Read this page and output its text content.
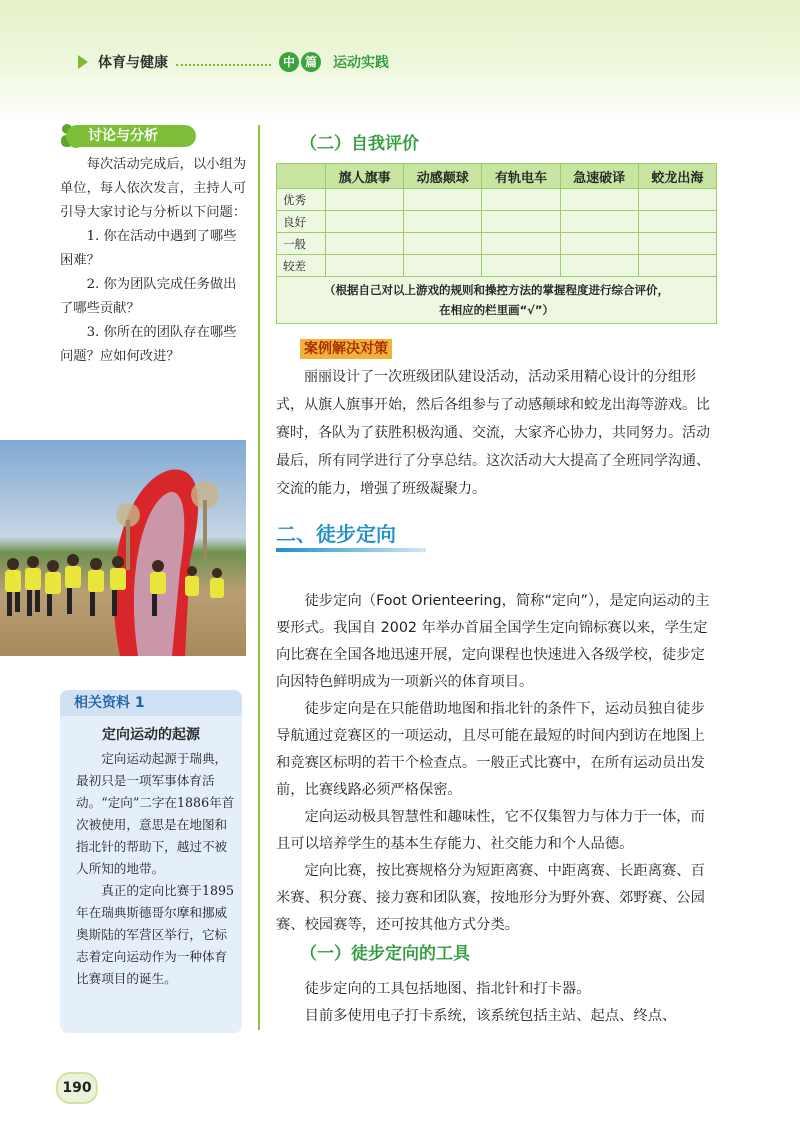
体育与健康	中 篇 运动实践
讨论与分析

每次活动完成后，以小组为单位，每人依次发言，主持人可引导大家讨论与分析以下问题：

1. 你在活动中遇到了哪些困难？

2. 你为团队完成任务做出了哪些贡献？

3. 你所在的团队存在哪些问题？应如何改进？

相关资料 1
定向运动的起源

定向运动起源于瑞典，最初只是一项军事体育活动。“定向”二字在1886年首次被使用，意思是在地图和指北针的帮助下，越过不被人所知的地带。

真正的定向比赛于1895年在瑞典斯德哥尔摩和挪威奥斯陆的军营区举行，它标志着定向运动作为一种体育比赛项目的诞生。

190
（二）自我评价
	旗人旗事	动感颠球	有轨电车	急速破译	蛟龙出海
优秀					
良好					
一般					
较差					
（根据自己对以上游戏的规则和操控方法的掌握程度进行综合评价，
在相应的栏里画“√”）					
案例解决对策

丽丽设计了一次班级团队建设活动，活动采用精心设计的分组形式，从旗人旗事开始，然后各组参与了动感颠球和蛟龙出海等游戏。比赛时，各队为了获胜积极沟通、交流，大家齐心协力，共同努力。活动最后，所有同学进行了分享总结。这次活动大大提高了全班同学沟通、交流的能力，增强了班级凝聚力。

二、徒步定向

徒步定向（Foot Orienteering，简称“定向”），是定向运动的主要形式。我国自 2002 年举办首届全国学生定向锦标赛以来，学生定向比赛在全国各地迅速开展，定向课程也快速进入各级学校，徒步定向因特色鲜明成为一项新兴的体育项目。

徒步定向是在只能借助地图和指北针的条件下，运动员独自徒步导航通过竞赛区的一项运动，且尽可能在最短的时间内到访在地图上和竞赛区标明的若干个检查点。一般正式比赛中，在所有运动员出发前，比赛线路必须严格保密。

定向运动极具智慧性和趣味性，它不仅集智力与体力于一体，而且可以培养学生的基本生存能力、社交能力和个人品德。

定向比赛，按比赛规格分为短距离赛、中距离赛、长距离赛、百米赛、积分赛、接力赛和团队赛，按地形分为野外赛、郊野赛、公园赛、校园赛等，还可按其他方式分类。

（一）徒步定向的工具

徒步定向的工具包括地图、指北针和打卡器。

目前多使用电子打卡系统，该系统包括主站、起点、终点、
